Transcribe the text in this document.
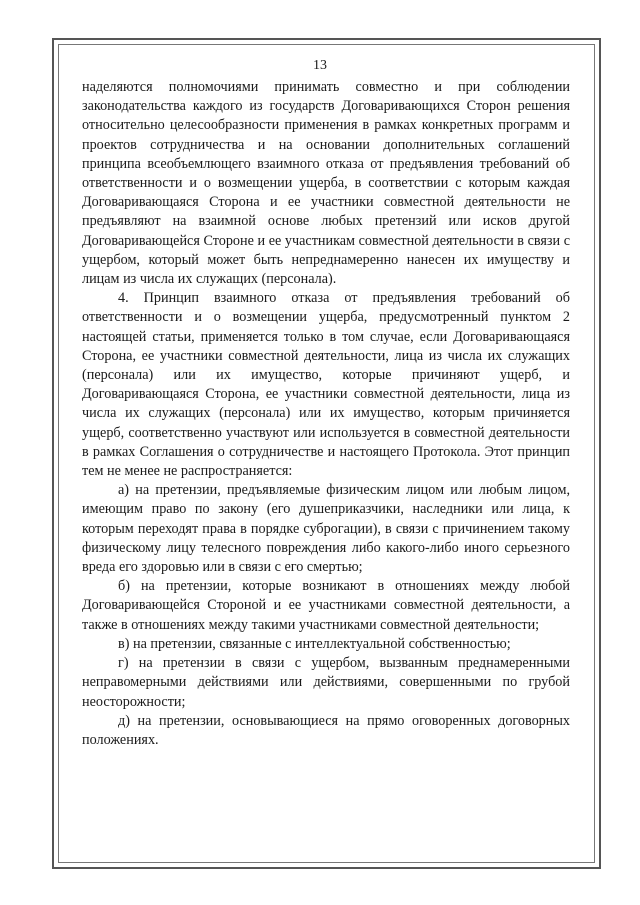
13

наделяются полномочиями принимать совместно и при соблюдении законодательства каждого из государств Договаривающихся Сторон решения относительно целесообразности применения в рамках конкретных программ и проектов сотрудничества и на основании дополнительных соглашений принципа всеобъемлющего взаимного отказа от предъявления требований об ответственности и о возмещении ущерба, в соответствии с которым каждая Договаривающаяся Сторона и ее участники совместной деятельности не предъявляют на взаимной основе любых претензий или исков другой Договаривающейся Стороне и ее участникам совместной деятельности в связи с ущербом, который может быть непреднамеренно нанесен их имуществу и лицам из числа их служащих (персонала).

4. Принцип взаимного отказа от предъявления требований об ответственности и о возмещении ущерба, предусмотренный пунктом 2 настоящей статьи, применяется только в том случае, если Договаривающаяся Сторона, ее участники совместной деятельности, лица из числа их служащих (персонала) или их имущество, которые причиняют ущерб, и Договаривающаяся Сторона, ее участники совместной деятельности, лица из числа их служащих (персонала) или их имущество, которым причиняется ущерб, соответственно участвуют или используется в совместной деятельности в рамках Соглашения о сотрудничестве и настоящего Протокола. Этот принцип тем не менее не распространяется:

а) на претензии, предъявляемые физическим лицом или любым лицом, имеющим право по закону (его душеприказчики, наследники или лица, к которым переходят права в порядке суброгации), в связи с причинением такому физическому лицу телесного повреждения либо какого-либо иного серьезного вреда его здоровью или в связи с его смертью;

б) на претензии, которые возникают в отношениях между любой Договаривающейся Стороной и ее участниками совместной деятельности, а также в отношениях между такими участниками совместной деятельности;

в) на претензии, связанные с интеллектуальной собственностью;

г) на претензии в связи с ущербом, вызванным преднамеренными неправомерными действиями или действиями, совершенными по грубой неосторожности;

д) на претензии, основывающиеся на прямо оговоренных договорных положениях.
